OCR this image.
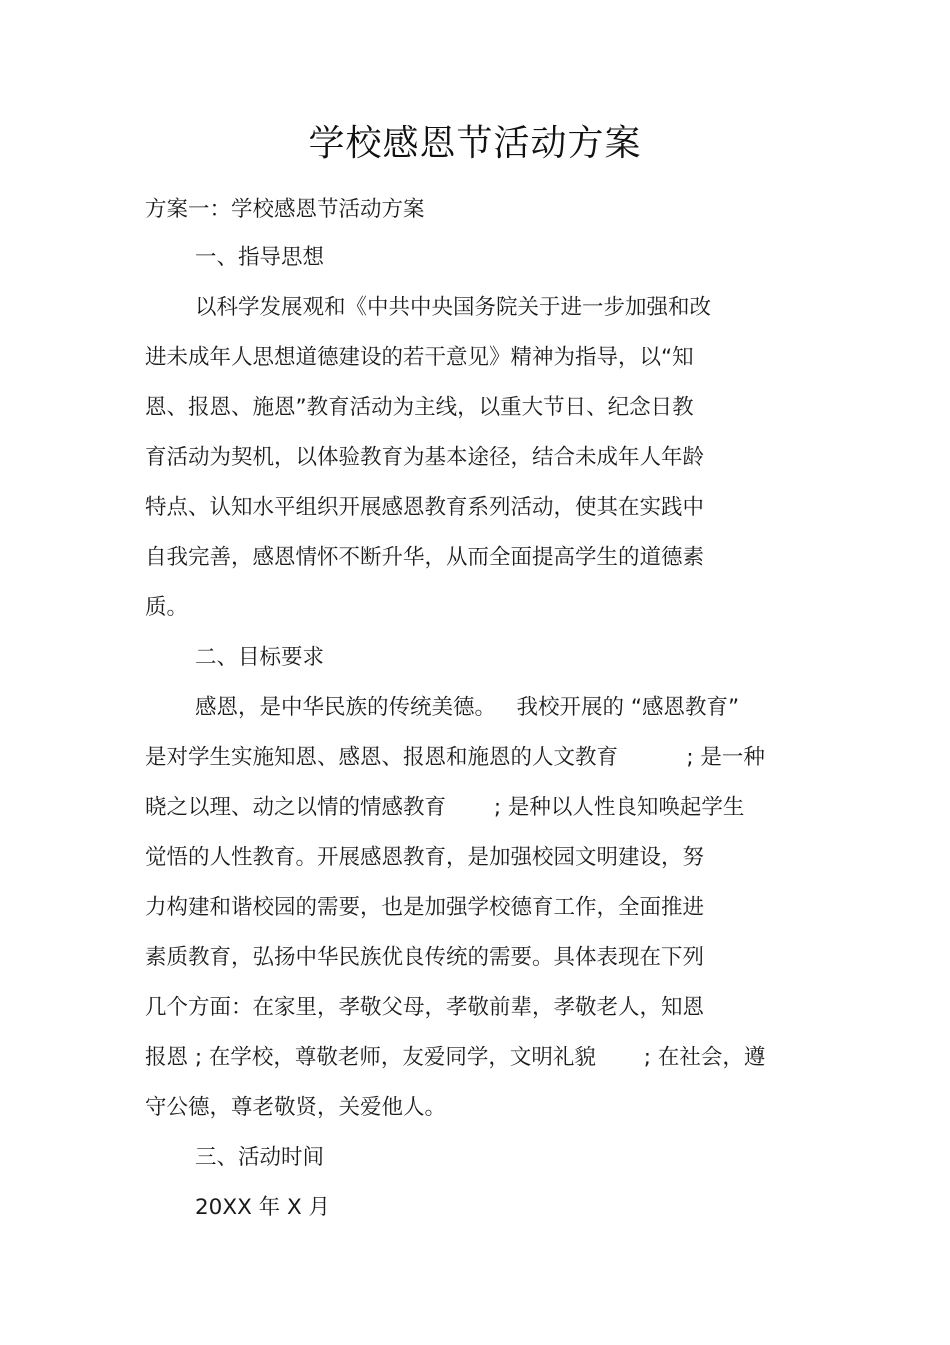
学校感恩节活动方案
方案一：学校感恩节活动方案
一、指导思想
以科学发展观和《中共中央国务院关于进一步加强和改
进未成年人思想道德建设的若干意见》精神为指导，以“知
恩、报恩、施恩”教育活动为主线，以重大节日、纪念日教
育活动为契机，以体验教育为基本途径，结合未成年人年龄
特点、认知水平组织开展感恩教育系列活动，使其在实践中
自我完善，感恩情怀不断升华，从而全面提高学生的道德素
质。
二、目标要求
感恩，是中华民族的传统美德。   我校开展的 “感恩教育”
是对学生实施知恩、感恩、报恩和施恩的人文教育          ; 是一种
晓之以理、动之以情的情感教育       ; 是种以人性良知唤起学生
觉悟的人性教育。开展感恩教育，是加强校园文明建设，努
力构建和谐校园的需要，也是加强学校德育工作，全面推进
素质教育，弘扬中华民族优良传统的需要。具体表现在下列
几个方面：在家里，孝敬父母，孝敬前辈，孝敬老人，知恩
报恩 ; 在学校，尊敬老师，友爱同学，文明礼貌       ; 在社会，遵
守公德，尊老敬贤，关爱他人。
三、活动时间
20XX 年 X 月
